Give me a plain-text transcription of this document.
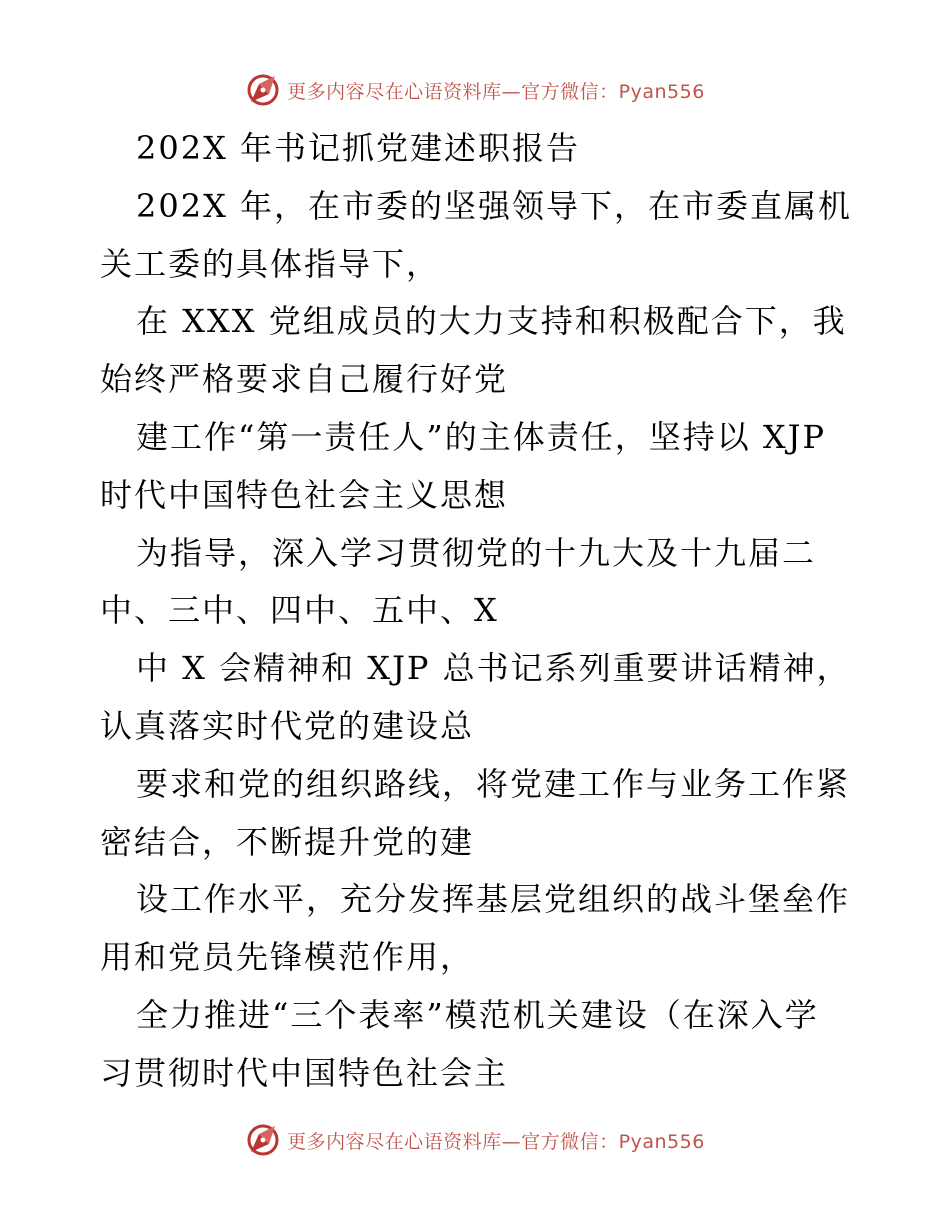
更多内容尽在心语资料库—官方微信：Pyan556
202X 年书记抓党建述职报告
202X 年，在市委的坚强领导下，在市委直属机
关工委的具体指导下，
在 XXX 党组成员的大力支持和积极配合下，我
始终严格要求自己履行好党
建工作“第一责任人”的主体责任，坚持以 XJP
时代中国特色社会主义思想
为指导，深入学习贯彻党的十九大及十九届二
中、三中、四中、五中、X
中 X 会精神和 XJP 总书记系列重要讲话精神，
认真落实时代党的建设总
要求和党的组织路线，将党建工作与业务工作紧
密结合，不断提升党的建
设工作水平，充分发挥基层党组织的战斗堡垒作
用和党员先锋模范作用，
全力推进“三个表率”模范机关建设（在深入学
习贯彻时代中国特色社会主
更多内容尽在心语资料库—官方微信：Pyan556
